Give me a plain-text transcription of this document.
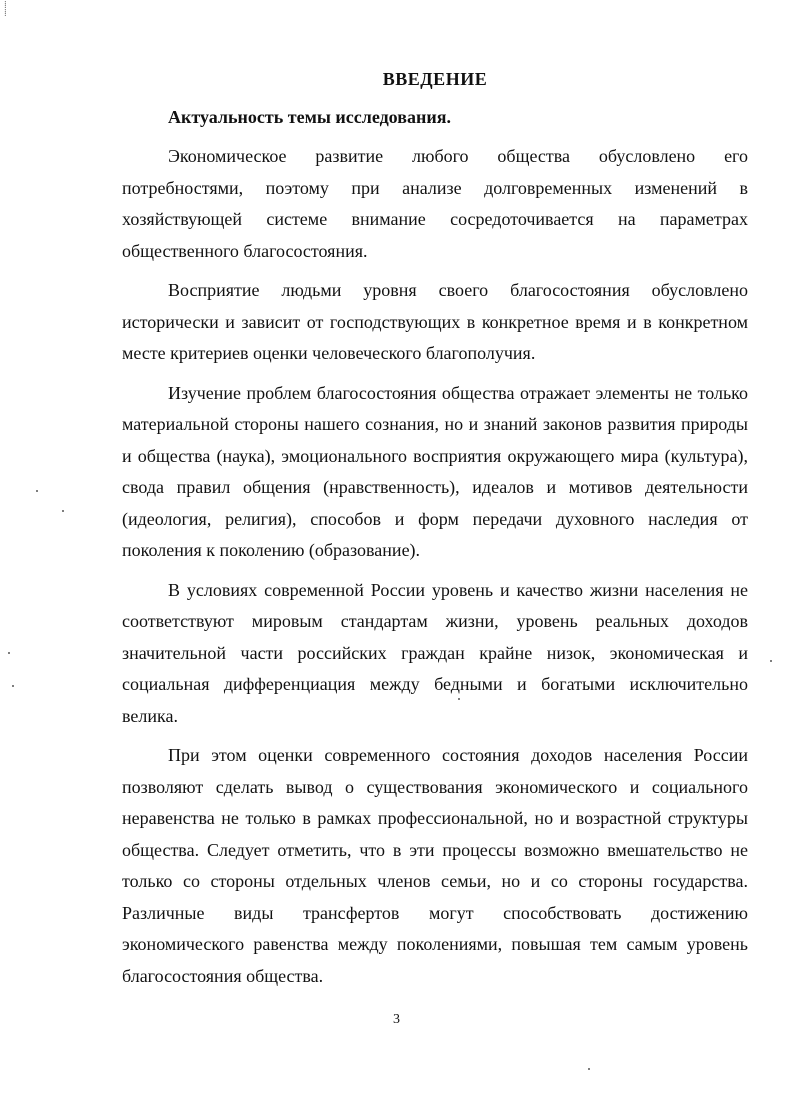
⁞
⁞
ВВЕДЕНИЕ
Актуальность темы исследования.

Экономическое развитие любого общества обусловлено его потребностями, поэтому при анализе долговременных изменений в хозяйствующей системе внимание сосредоточивается на параметрах общественного благосостояния.

Восприятие людьми уровня своего благосостояния обусловлено исторически и зависит от господствующих в конкретное время и в конкретном месте критериев оценки человеческого благополучия.

Изучение проблем благосостояния общества отражает элементы не только материальной стороны нашего сознания, но и знаний законов развития природы и общества (наука), эмоционального восприятия окружающего мира (культура), свода правил общения (нравственность), идеалов и мотивов деятельности (идеология, религия), способов и форм передачи духовного наследия от поколения к поколению (образование).

В условиях современной России уровень и качество жизни населения не соответствуют мировым стандартам жизни, уровень реальных доходов значительной части российских граждан крайне низок, экономическая и социальная дифференциация между бедными и богатыми исключительно велика.

При этом оценки современного состояния доходов населения России позволяют сделать вывод о существования экономического и социального неравенства не только в рамках профессиональной, но и возрастной структуры общества. Следует отметить, что в эти процессы возможно вмешательство не только со стороны отдельных членов семьи, но и со стороны государства. Различные виды трансфертов могут способствовать достижению экономического равенства между поколениями, повышая тем самым уровень благосостояния общества.

3
